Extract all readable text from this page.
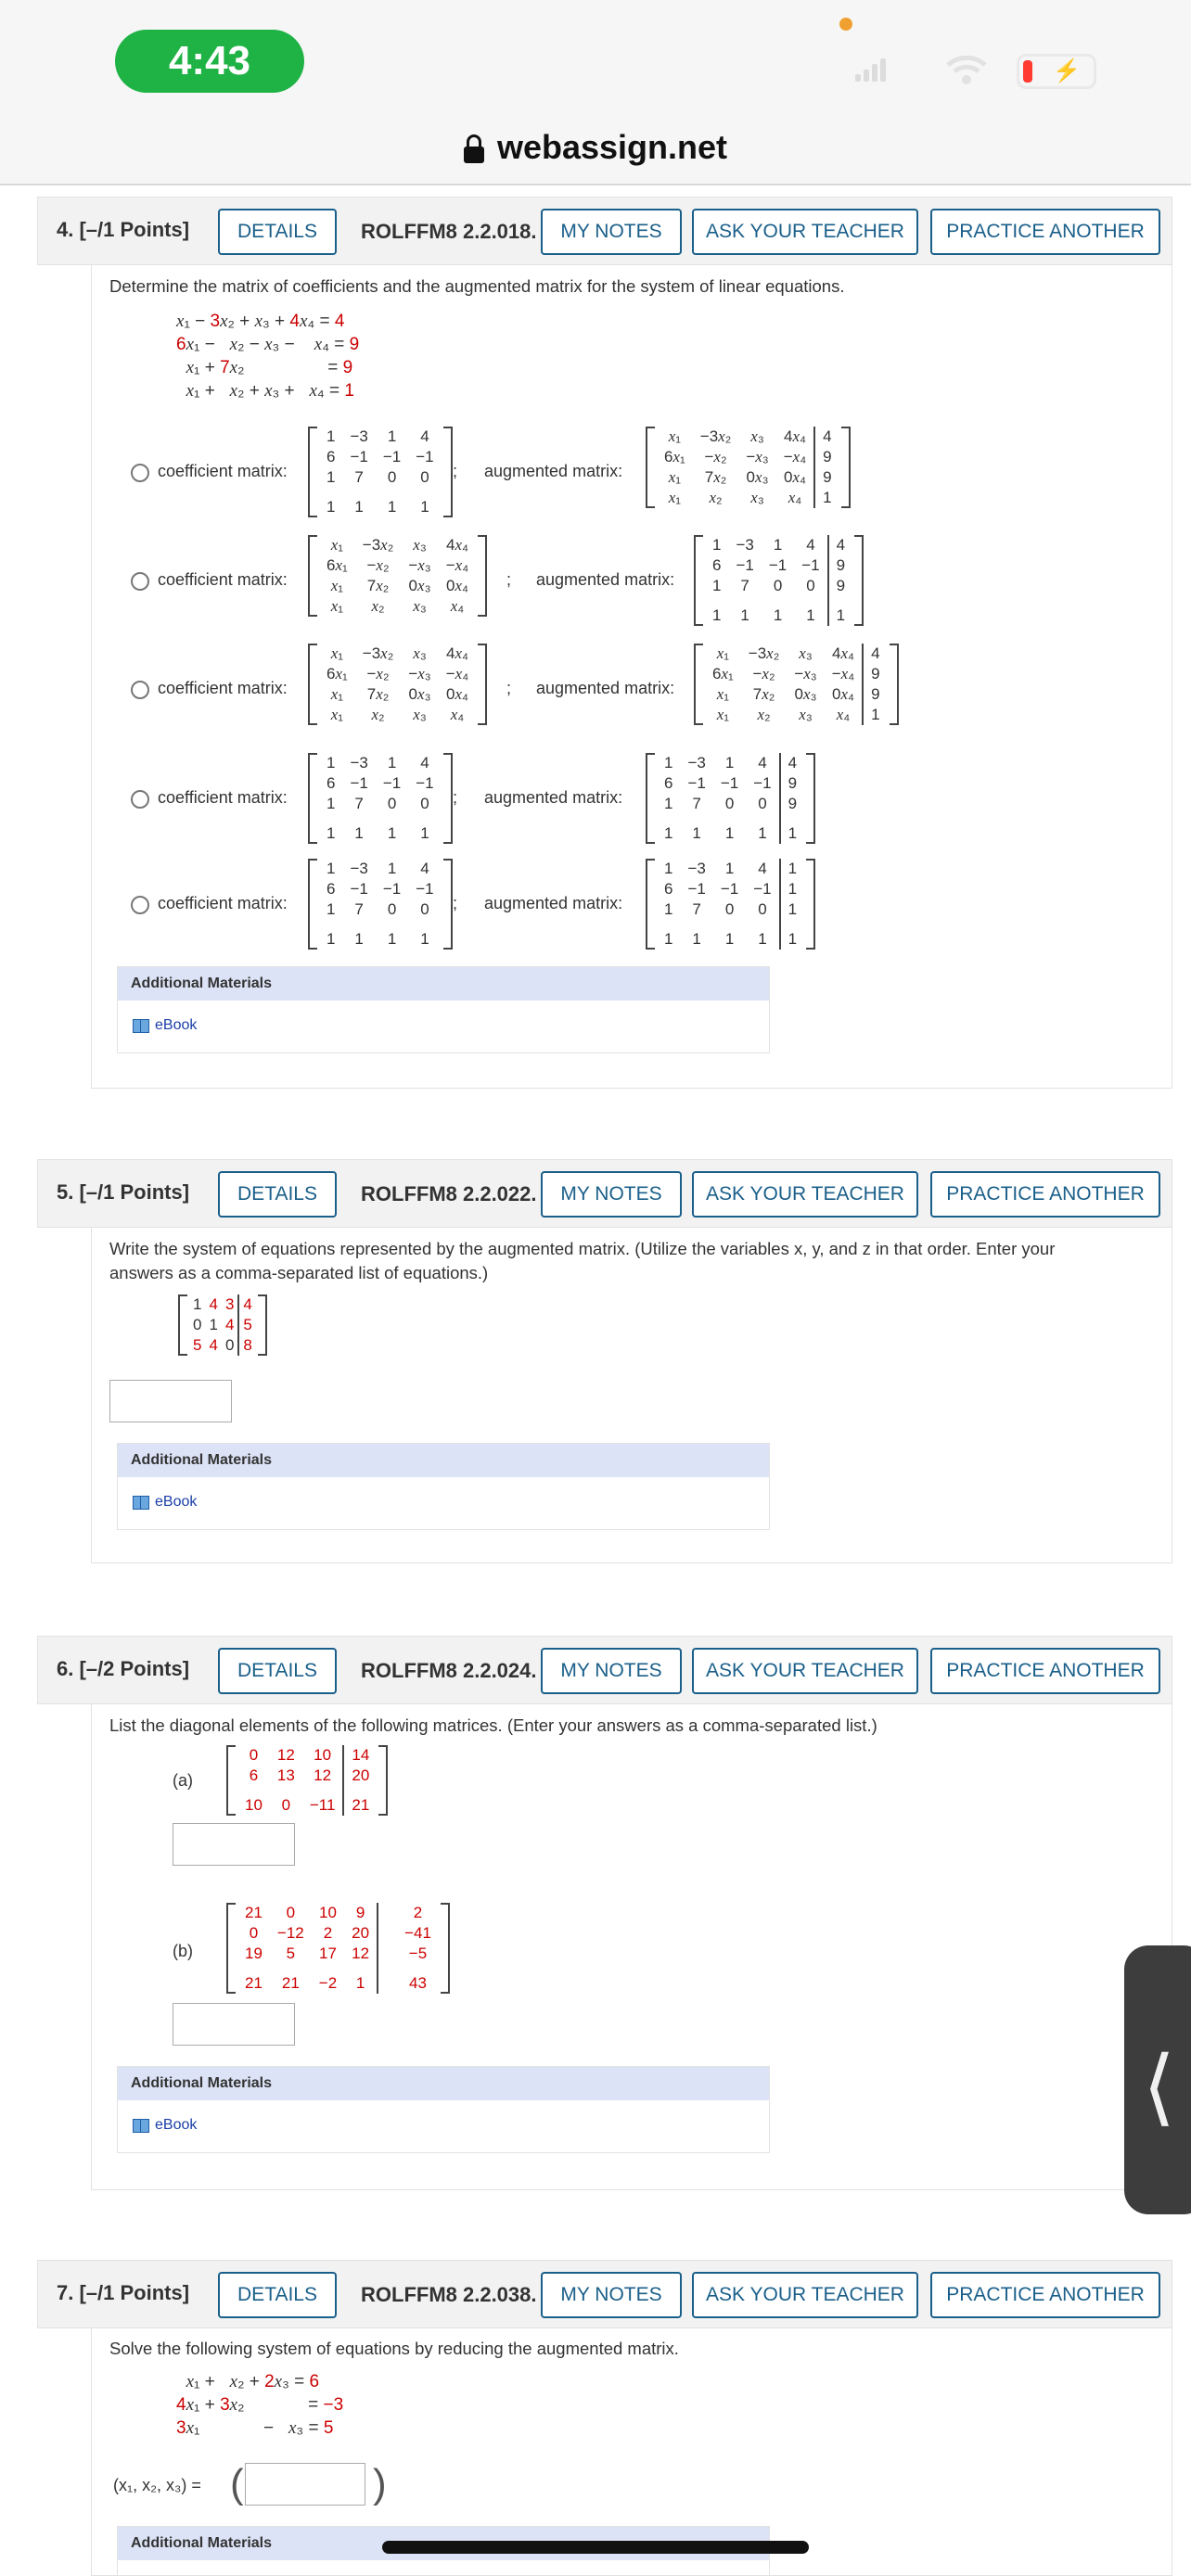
4:43	⚡
webassign.net
4. [–/1 Points]	DETAILS	ROLFFM8 2.2.018.	MY NOTES	ASK YOUR TEACHER	PRACTICE ANOTHER
Determine the matrix of coefficients and the augmented matrix for the system of linear equations.
x₁ − 3x₂ + x₃ + 4x₄ = 4
6x₁ −   x₂ − x₃ −    x₄ = 9
x₁ + 7x₂                 = 9
x₁ +   x₂ + x₃ +   x₄ = 1
coefficient matrix:
1	−3	1	4
6	−1	−1	−1
1	7	0	0
1	1	1	1
; augmented matrix:
x₁	−3x₂	x₃	4x₄	4
6x₁	−x₂	−x₃	−x₄	9
x₁	7x₂	0x₃	0x₄	9
x₁	x₂	x₃	x₄	1
coefficient matrix:
x₁	−3x₂	x₃	4x₄
6x₁	−x₂	−x₃	−x₄
x₁	7x₂	0x₃	0x₄
x₁	x₂	x₃	x₄
; augmented matrix:
1	−3	1	4	4
6	−1	−1	−1	9
1	7	0	0	9
1	1	1	1	1
coefficient matrix:
x₁	−3x₂	x₃	4x₄
6x₁	−x₂	−x₃	−x₄
x₁	7x₂	0x₃	0x₄
x₁	x₂	x₃	x₄
; augmented matrix:
x₁	−3x₂	x₃	4x₄	4
6x₁	−x₂	−x₃	−x₄	9
x₁	7x₂	0x₃	0x₄	9
x₁	x₂	x₃	x₄	1
coefficient matrix:
1	−3	1	4
6	−1	−1	−1
1	7	0	0
1	1	1	1
; augmented matrix:
1	−3	1	4	4
6	−1	−1	−1	9
1	7	0	0	9
1	1	1	1	1
coefficient matrix:
1	−3	1	4
6	−1	−1	−1
1	7	0	0
1	1	1	1
; augmented matrix:
1	−3	1	4	1
6	−1	−1	−1	1
1	7	0	0	1
1	1	1	1	1
Additional Materials
eBook
5. [–/1 Points]	DETAILS	ROLFFM8 2.2.022.	MY NOTES	ASK YOUR TEACHER	PRACTICE ANOTHER
Write the system of equations represented by the augmented matrix. (Utilize the variables x, y, and z in that order. Enter your
answers as a comma-separated list of equations.)
1	4	3	4
0	1	4	5
5	4	0	8
Additional Materials
eBook
6. [–/2 Points]	DETAILS	ROLFFM8 2.2.024.	MY NOTES	ASK YOUR TEACHER	PRACTICE ANOTHER
List the diagonal elements of the following matrices. (Enter your answers as a comma-separated list.)
(a)
0	12	10	14
6	13	12	20
10	0	−11	21
(b)
21	0	10	9	2
0	−12	2	20	−41
19	5	17	12	−5
21	21	−2	1	43
Additional Materials
eBook
7. [–/1 Points]	DETAILS	ROLFFM8 2.2.038.	MY NOTES	ASK YOUR TEACHER	PRACTICE ANOTHER
Solve the following system of equations by reducing the augmented matrix.
x₁ +   x₂ + 2x₃ = 6
4x₁ + 3x₂             = −3
3x₁             −   x₃ = 5
(x₁, x₂, x₃) = (	)
Additional Materials
⟨
